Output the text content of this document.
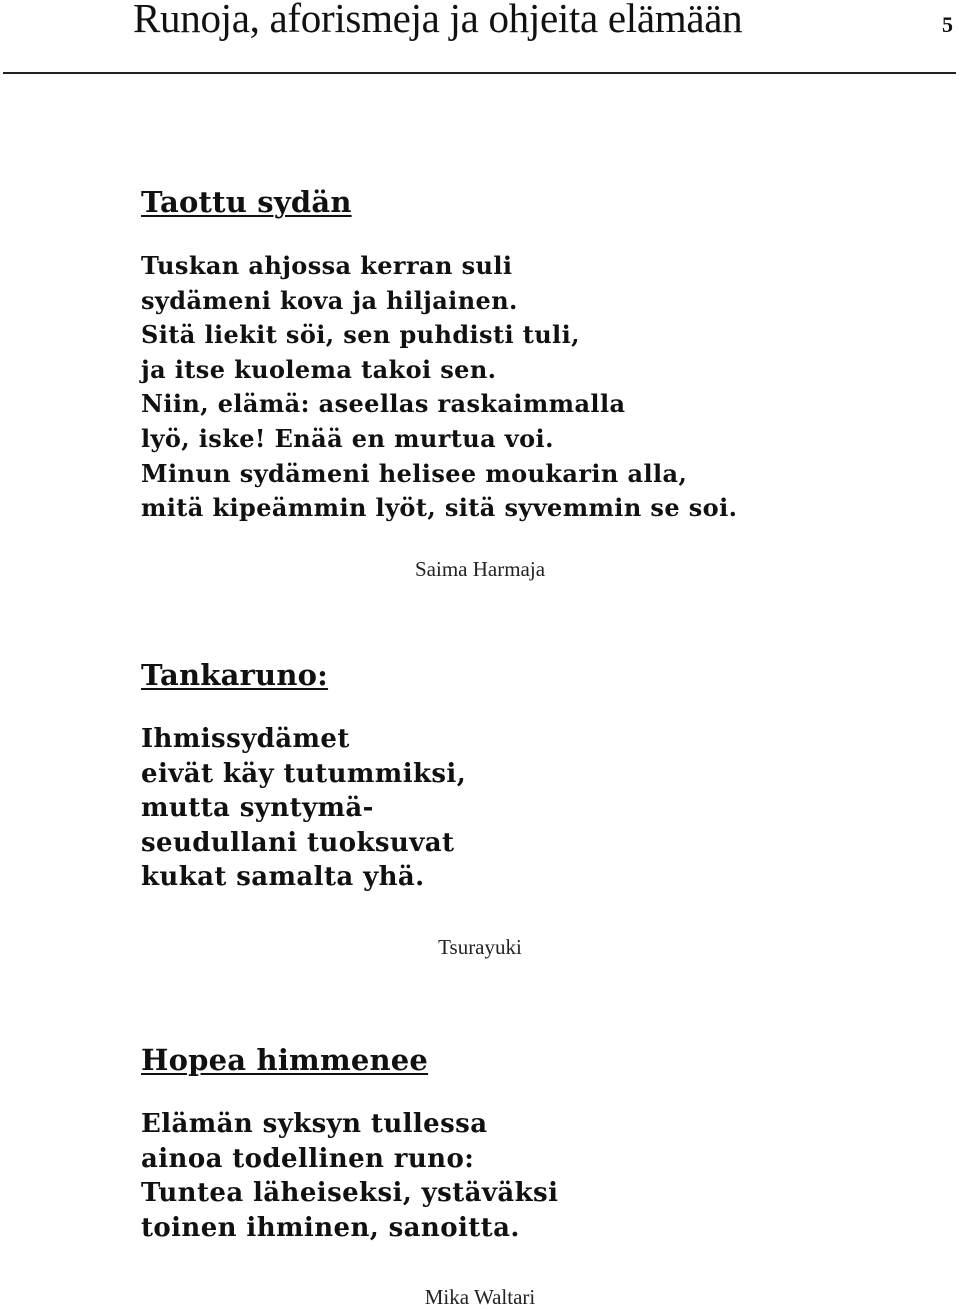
Runoja, aforismeja ja ohjeita elämään	5
Taottu sydän
Tuskan ahjossa kerran suli
sydämeni kova ja hiljainen.
Sitä liekit söi, sen puhdisti tuli,
ja itse kuolema takoi sen.
Niin, elämä: aseellas raskaimmalla
lyö, iske! Enää en murtua voi.
Minun sydämeni helisee moukarin alla,
mitä kipeämmin lyöt, sitä syvemmin se soi.
Saima Harmaja
Tankaruno:
Ihmissydämet
eivät käy tutummiksi,
mutta syntymä-
seudullani tuoksuvat
kukat samalta yhä.
Tsurayuki
Hopea himmenee
Elämän syksyn tullessa
ainoa todellinen runo:
Tuntea läheiseksi, ystäväksi
toinen ihminen, sanoitta.
Mika Waltari
